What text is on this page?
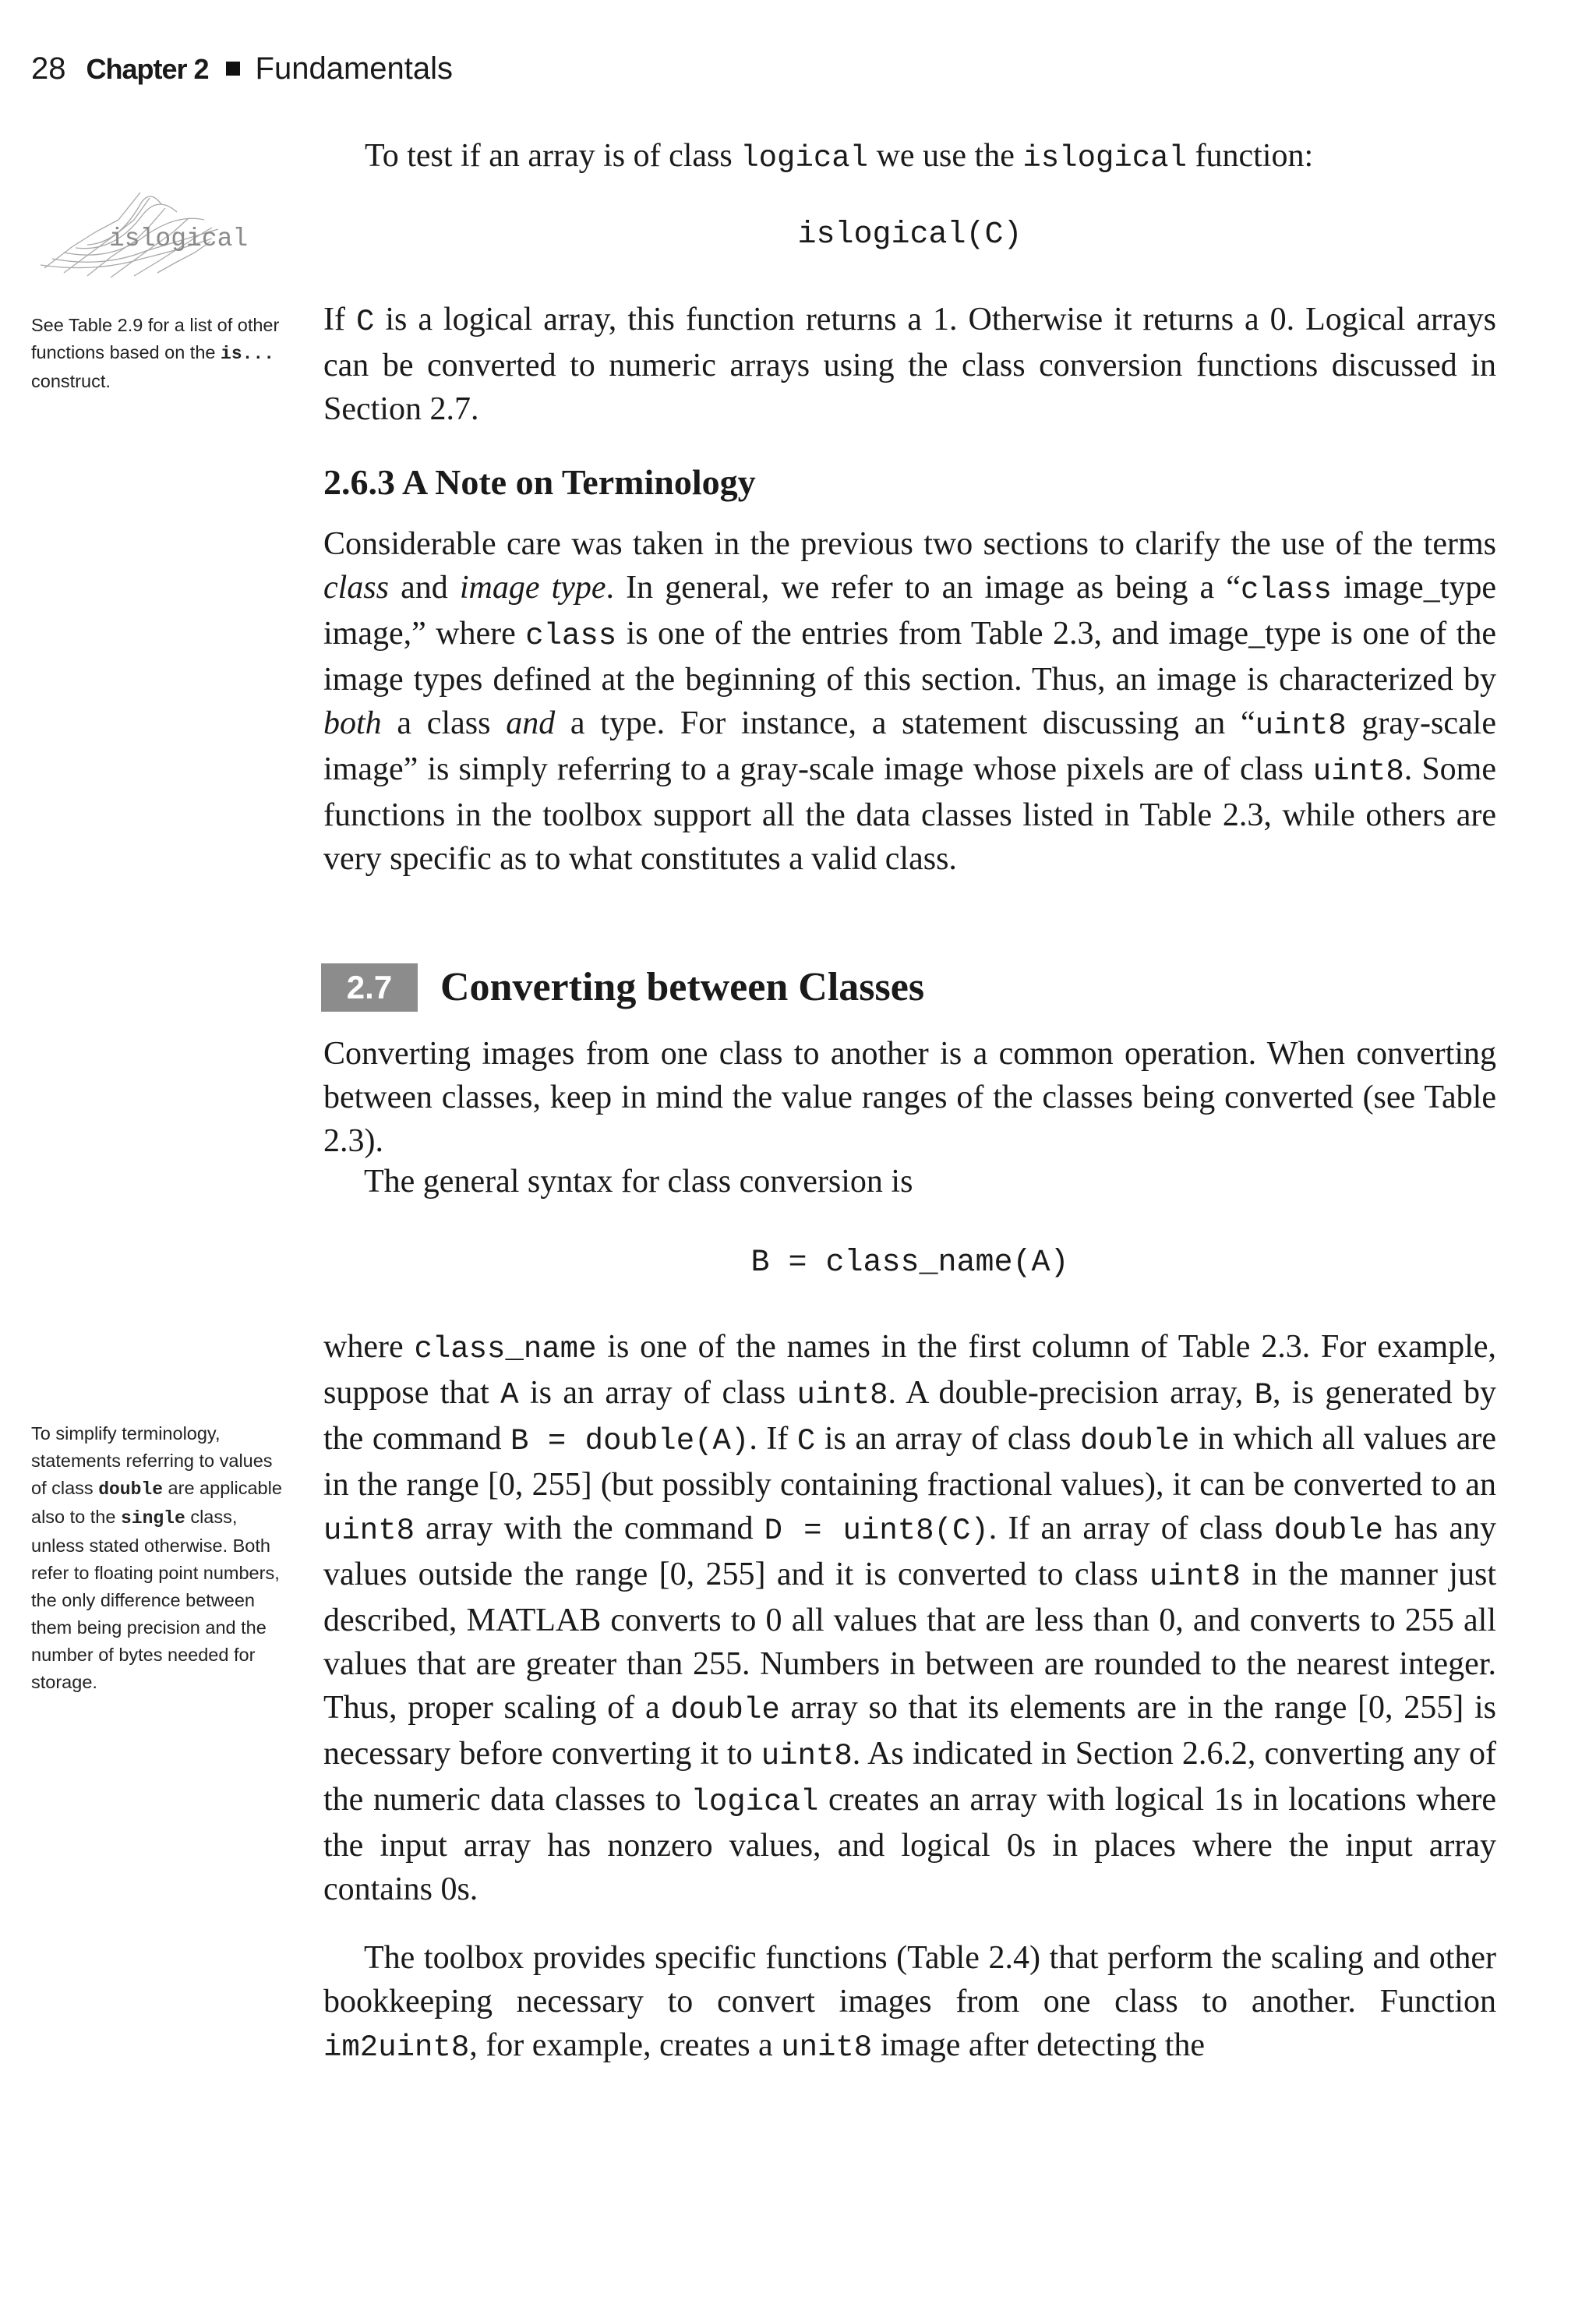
28 Chapter 2 Fundamentals
islogical
See Table 2.9 for a list of other functions based on the is... construct.
To test if an array is of class logical we use the islogical function:
islogical(C)
If C is a logical array, this function returns a 1. Otherwise it returns a 0. Logical arrays can be converted to numeric arrays using the class conversion functions discussed in Section 2.7.
2.6.3 A Note on Terminology
Considerable care was taken in the previous two sections to clarify the use of the terms class and image type. In general, we refer to an image as being a “class image_type image,” where class is one of the entries from Table 2.3, and image_type is one of the image types defined at the beginning of this section. Thus, an image is characterized by both a class and a type. For instance, a statement discussing an “uint8 gray-scale image” is simply referring to a gray-scale image whose pixels are of class uint8. Some functions in the toolbox support all the data classes listed in Table 2.3, while others are very specific as to what constitutes a valid class.
2.7	Converting between Classes
Converting images from one class to another is a common operation. When converting between classes, keep in mind the value ranges of the classes being converted (see Table 2.3).
The general syntax for class conversion is
B = class_name(A)
To simplify terminology, statements referring to values of class double are applicable also to the single class, unless stated otherwise. Both refer to floating point numbers, the only difference between them being precision and the number of bytes needed for storage.
where class_name is one of the names in the first column of Table 2.3. For example, suppose that A is an array of class uint8. A double-precision array, B, is generated by the command B = double(A). If C is an array of class double in which all values are in the range [0, 255] (but possibly containing fractional values), it can be converted to an uint8 array with the command D = uint8(C). If an array of class double has any values outside the range [0, 255] and it is converted to class uint8 in the manner just described, MATLAB converts to 0 all values that are less than 0, and converts to 255 all values that are greater than 255. Numbers in between are rounded to the nearest integer. Thus, proper scaling of a double array so that its elements are in the range [0, 255] is necessary before converting it to uint8. As indicated in Section 2.6.2, converting any of the numeric data classes to logical creates an array with logical 1s in locations where the input array has nonzero values, and logical 0s in places where the input array contains 0s.
The toolbox provides specific functions (Table 2.4) that perform the scaling and other bookkeeping necessary to convert images from one class to another. Function im2uint8, for example, creates a unit8 image after detecting the
